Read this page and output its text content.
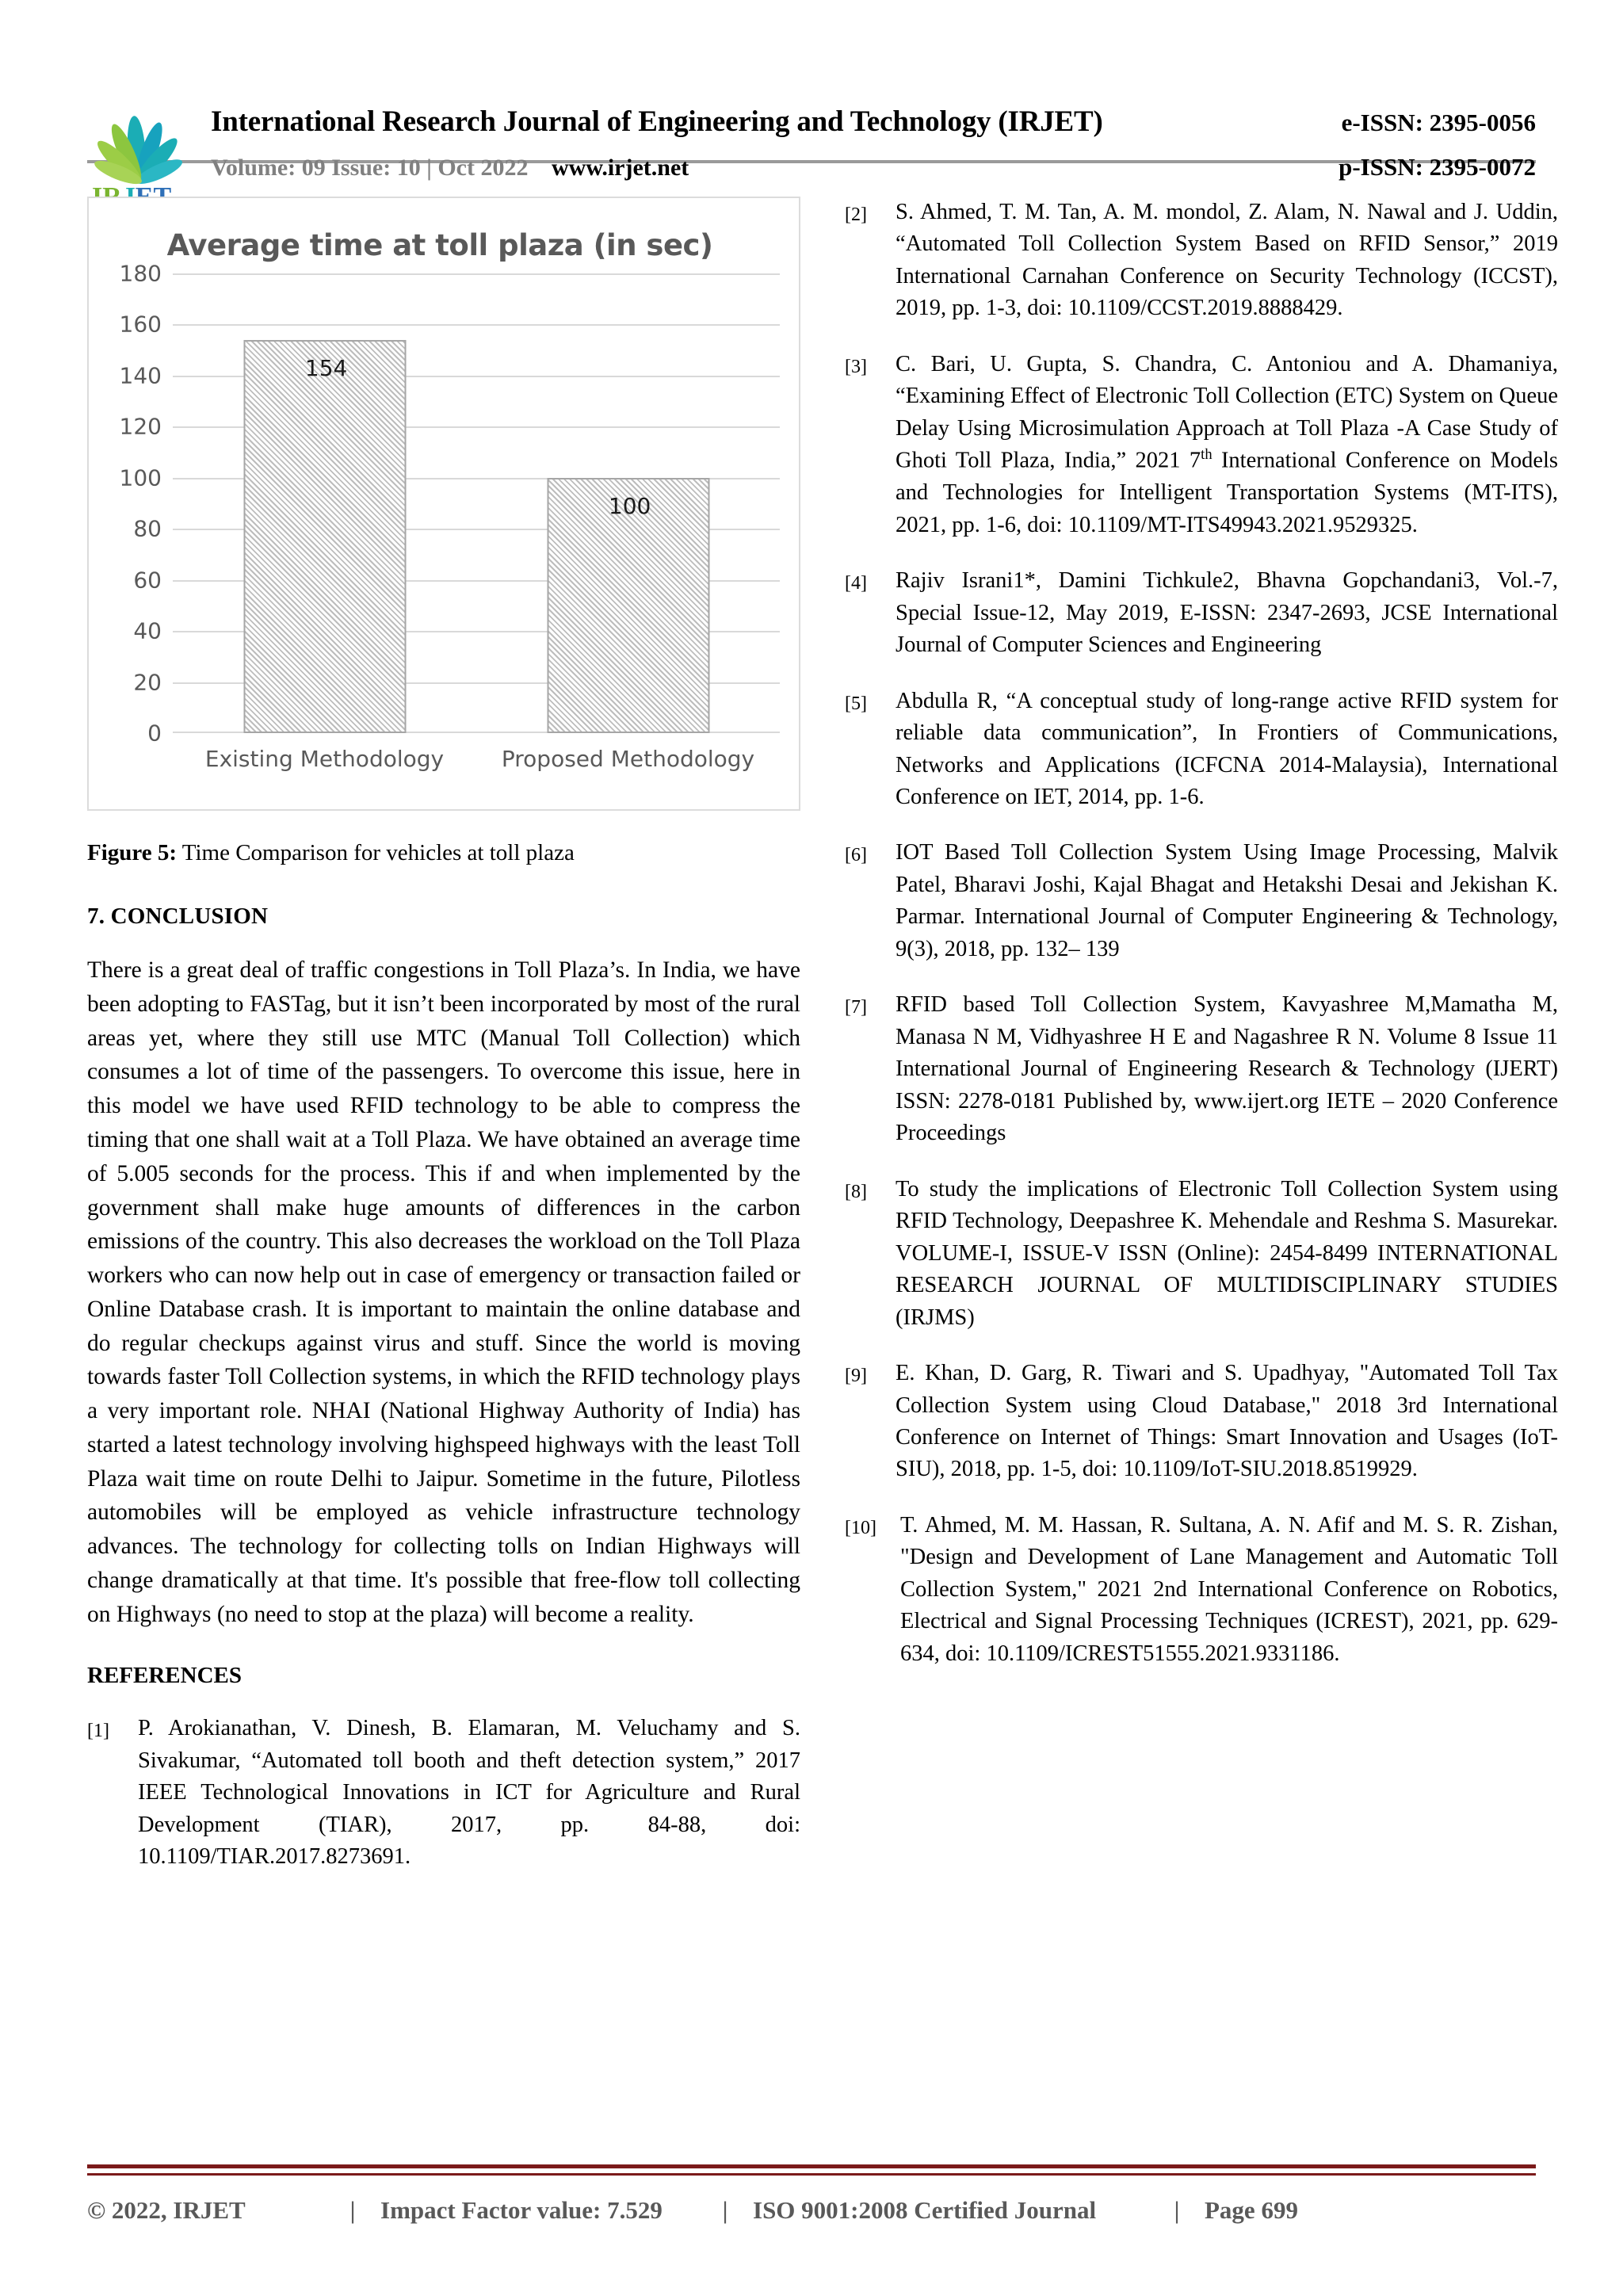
International Research Journal of Engineering and Technology (IRJET)	e-ISSN: 2395-0056
Volume: 09 Issue: 10 | Oct 2022 www.irjet.net	p-ISSN: 2395-0072
Average time at toll plaza (in sec)
180
160
140
120
100
80
60
40
20
0
154
100
Existing Methodology	Proposed Methodology
Figure 5: Time Comparison for vehicles at toll plaza
7. CONCLUSION

There is a great deal of traffic congestions in Toll Plaza’s. In India, we have been adopting to FASTag, but it isn’t been incorporated by most of the rural areas yet, where they still use MTC (Manual Toll Collection) which consumes a lot of time of the passengers. To overcome this issue, here in this model we have used RFID technology to be able to compress the timing that one shall wait at a Toll Plaza. We have obtained an average time of 5.005 seconds for the process. This if and when implemented by the government shall make huge amounts of differences in the carbon emissions of the country. This also decreases the workload on the Toll Plaza workers who can now help out in case of emergency or transaction failed or Online Database crash. It is important to maintain the online database and do regular checkups against virus and stuff. Since the world is moving towards faster Toll Collection systems, in which the RFID technology plays a very important role. NHAI (National Highway Authority of India) has started a latest technology involving highspeed highways with the least Toll Plaza wait time on route Delhi to Jaipur. Sometime in the future, Pilotless automobiles will be employed as vehicle infrastructure technology advances. The technology for collecting tolls on Indian Highways will change dramatically at that time. It's possible that free-flow toll collecting on Highways (no need to stop at the plaza) will become a reality.

REFERENCES
[1]	P. Arokianathan, V. Dinesh, B. Elamaran, M. Veluchamy and S. Sivakumar, “Automated toll booth and theft detection system,” 2017 IEEE Technological Innovations in ICT for Agriculture and Rural Development (TIAR), 2017, pp. 84-88, doi: 10.1109/TIAR.2017.8273691.
[2]	S. Ahmed, T. M. Tan, A. M. mondol, Z. Alam, N. Nawal and J. Uddin, “Automated Toll Collection System Based on RFID Sensor,” 2019 International Carnahan Conference on Security Technology (ICCST), 2019, pp. 1-3, doi: 10.1109/CCST.2019.8888429.
[3]	C. Bari, U. Gupta, S. Chandra, C. Antoniou and A. Dhamaniya, “Examining Effect of Electronic Toll Collection (ETC) System on Queue Delay Using Microsimulation Approach at Toll Plaza -A Case Study of Ghoti Toll Plaza, India,” 2021 7th International Conference on Models and Technologies for Intelligent Transportation Systems (MT-ITS), 2021, pp. 1-6, doi: 10.1109/MT-ITS49943.2021.9529325.
[4]	Rajiv Israni1*, Damini Tichkule2, Bhavna Gopchandani3, Vol.-7, Special Issue-12, May 2019, E-ISSN: 2347-2693, JCSE International Journal of Computer Sciences and Engineering
[5]	Abdulla R, “A conceptual study of long-range active RFID system for reliable data communication”, In Frontiers of Communications, Networks and Applications (ICFCNA 2014-Malaysia), International Conference on IET, 2014, pp. 1-6.
[6]	IOT Based Toll Collection System Using Image Processing, Malvik Patel, Bharavi Joshi, Kajal Bhagat and Hetakshi Desai and Jekishan K. Parmar. International Journal of Computer Engineering & Technology, 9(3), 2018, pp. 132– 139
[7]	RFID based Toll Collection System, Kavyashree M,Mamatha M, Manasa N M, Vidhyashree H E and Nagashree R N. Volume 8 Issue 11 International Journal of Engineering Research & Technology (IJERT) ISSN: 2278-0181 Published by, www.ijert.org IETE – 2020 Conference Proceedings
[8]	To study the implications of Electronic Toll Collection System using RFID Technology, Deepashree K. Mehendale and Reshma S. Masurekar. VOLUME-I, ISSUE-V ISSN (Online): 2454-8499 INTERNATIONAL RESEARCH JOURNAL OF MULTIDISCIPLINARY STUDIES (IRJMS)
[9]	E. Khan, D. Garg, R. Tiwari and S. Upadhyay, "Automated Toll Tax Collection System using Cloud Database," 2018 3rd International Conference on Internet of Things: Smart Innovation and Usages (IoT-SIU), 2018, pp. 1-5, doi: 10.1109/IoT-SIU.2018.8519929.
[10]	T. Ahmed, M. M. Hassan, R. Sultana, A. N. Afif and M. S. R. Zishan, "Design and Development of Lane Management and Automatic Toll Collection System," 2021 2nd International Conference on Robotics, Electrical and Signal Processing Techniques (ICREST), 2021, pp. 629-634, doi: 10.1109/ICREST51555.2021.9331186.
© 2022, IRJET	|	Impact Factor value: 7.529	|	ISO 9001:2008 Certified Journal	|	Page 699
